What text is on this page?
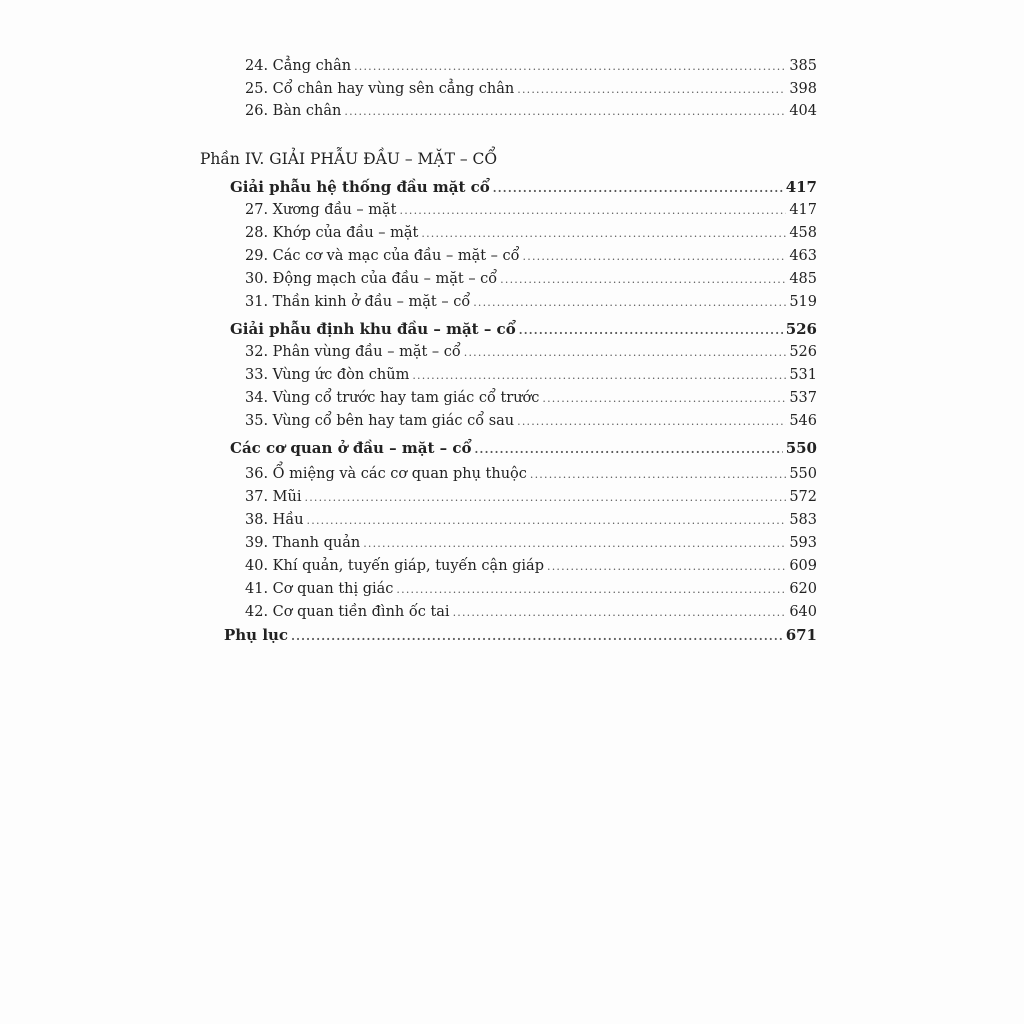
24. Cẳng chân .....	385
25. Cổ chân hay vùng sên cẳng chân .....	398
26. Bàn chân .....	404
Phần IV. GIẢI PHẪU ĐẦU – MẶT – CỔ
Giải phẫu hệ thống đầu mặt cổ .....	417
27. Xương đầu – mặt .....	417
28. Khớp của đầu – mặt .....	458
29. Các cơ và mạc của đầu – mặt – cổ .....	463
30. Động mạch của đầu – mặt – cổ .....	485
31. Thần kinh ở đầu – mặt – cổ .....	519
Giải phẫu định khu đầu – mặt – cổ .....	526
32. Phân vùng đầu – mặt – cổ .....	526
33. Vùng ức đòn chũm .....	531
34. Vùng cổ trước hay tam giác cổ trước .....	537
35. Vùng cổ bên hay tam giác cổ sau .....	546
Các cơ quan ở đầu – mặt – cổ .....	550
36. Ổ miệng và các cơ quan phụ thuộc .....	550
37. Mũi .....	572
38. Hầu .....	583
39. Thanh quản .....	593
40. Khí quản, tuyến giáp, tuyến cận giáp .....	609
41. Cơ quan thị giác .....	620
42. Cơ quan tiền đình ốc tai .....	640
Phụ lục .....	671
